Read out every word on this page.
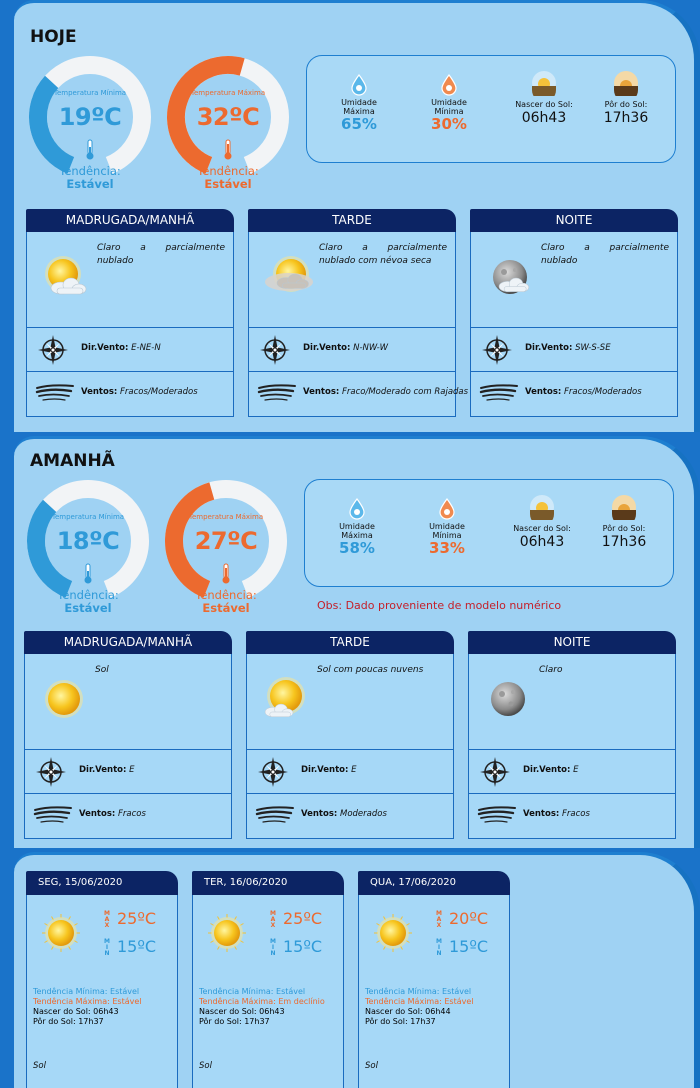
HOJE
Temperatura Mínima
19ºC
Tendência:
Estável
Temperatura Máxima
32ºC
Tendência:
Estável
Umidade Máxima
65%
Umidade Mínima
30%
Nascer do Sol:
06h43
Pôr do Sol:
17h36
MADRUGADA/MANHÃ
Claro a parcialmente nublado
Dir.Vento: E-NE-N
Ventos: Fracos/Moderados
TARDE
Claro a parcialmente nublado com névoa seca
Dir.Vento: N-NW-W
Ventos: Fraco/Moderado com Rajadas
NOITE
Claro a parcialmente nublado
Dir.Vento: SW-S-SE
Ventos: Fracos/Moderados
AMANHÃ
Temperatura Mínima
18ºC
Tendência:
Estável
Temperatura Máxima
27ºC
Tendência:
Estável
Umidade Máxima
58%
Umidade Mínima
33%
Nascer do Sol:
06h43
Pôr do Sol:
17h36
Obs: Dado proveniente de modelo numérico
MADRUGADA/MANHÃ
Sol
Dir.Vento: E
Ventos: Fracos
TARDE
Sol com poucas nuvens
Dir.Vento: E
Ventos: Moderados
NOITE
Claro
Dir.Vento: E
Ventos: Fracos
SEG, 15/06/2020
M
A
X 25ºC
M
I
N 15ºC
Tendência Mínima: Estável
Tendência Máxima: Estável
Nascer do Sol: 06h43
Pôr do Sol: 17h37
Sol
TER, 16/06/2020
M
A
X 25ºC
M
I
N 15ºC
Tendência Mínima: Estável
Tendência Máxima: Em declínio
Nascer do Sol: 06h43
Pôr do Sol: 17h37
Sol
QUA, 17/06/2020
M
A
X 20ºC
M
I
N 15ºC
Tendência Mínima: Estável
Tendência Máxima: Estável
Nascer do Sol: 06h44
Pôr do Sol: 17h37
Sol
